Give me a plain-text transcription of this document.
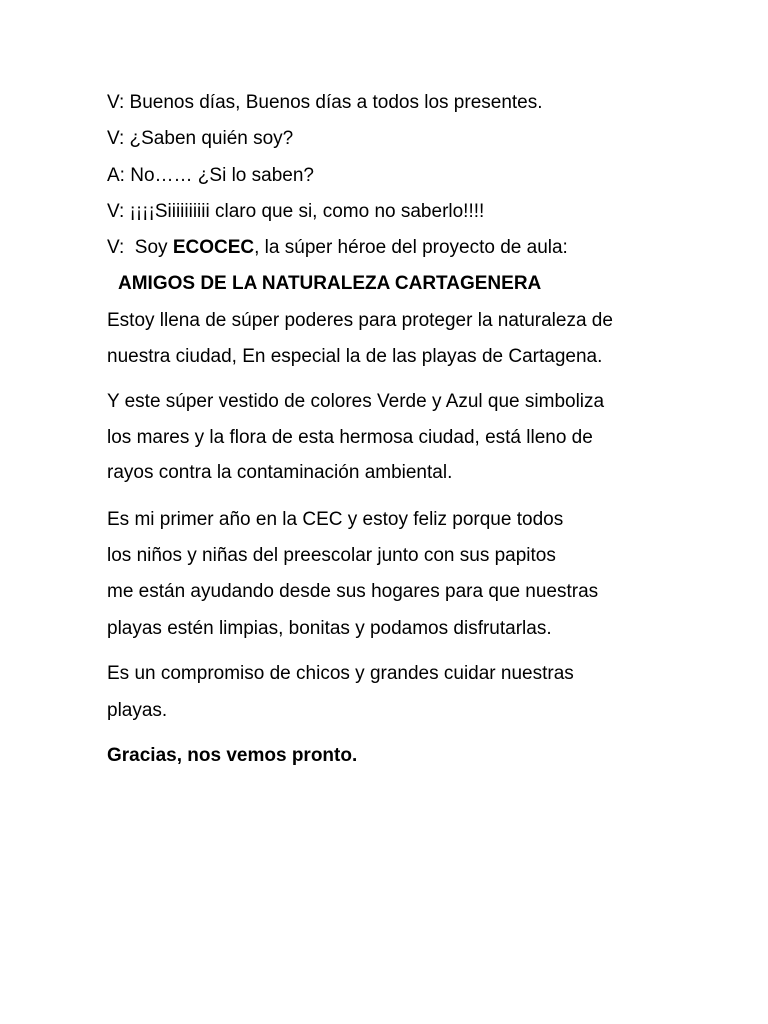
V: Buenos días, Buenos días a todos los presentes.
V: ¿Saben quién soy?
A: No…… ¿Si lo saben?
V: ¡¡¡¡Siiiiiiiiii claro que si, como no saberlo!!!!
V:  Soy ECOCEC, la súper héroe del proyecto de aula:
AMIGOS DE LA NATURALEZA CARTAGENERA
Estoy llena de súper poderes para proteger la naturaleza de
nuestra ciudad, En especial la de las playas de Cartagena.
Y este súper vestido de colores Verde y Azul que simboliza
los mares y la flora de esta hermosa ciudad, está lleno de
rayos contra la contaminación ambiental.
Es mi primer año en la CEC y estoy feliz porque todos
los niños y niñas del preescolar junto con sus papitos
me están ayudando desde sus hogares para que nuestras
playas estén limpias, bonitas y podamos disfrutarlas.
Es un compromiso de chicos y grandes cuidar nuestras
playas.
Gracias, nos vemos pronto.
